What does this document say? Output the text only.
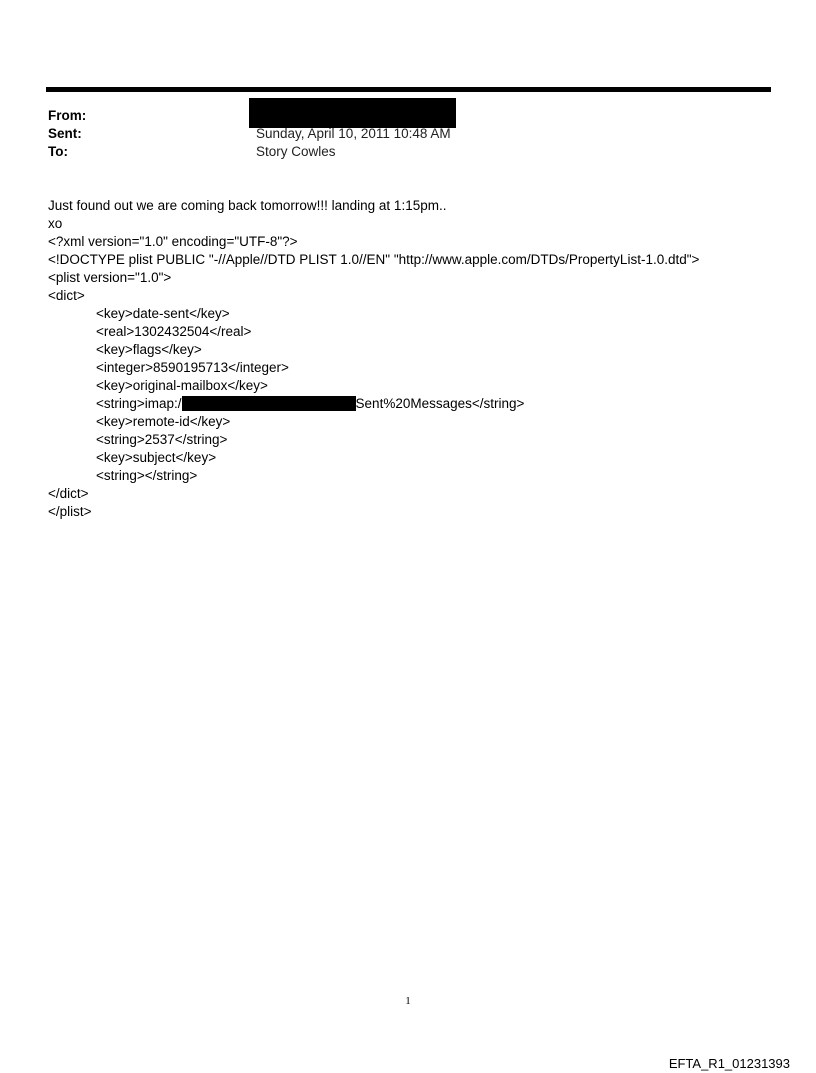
From:
Sent:	Sunday, April 10, 2011 10:48 AM
To:	Story Cowles
Just found out we are coming back tomorrow!!! landing at 1:15pm..
xo
<?xml version="1.0" encoding="UTF-8"?>
<!DOCTYPE plist PUBLIC "-//Apple//DTD PLIST 1.0//EN" "http://www.apple.com/DTDs/PropertyList-1.0.dtd">
<plist version="1.0">
<dict>
<key>date-sent</key>
<real>1302432504</real>
<key>flags</key>
<integer>8590195713</integer>
<key>original-mailbox</key>
<string>imap:/	Sent%20Messages</string>
<key>remote-id</key>
<string>2537</string>
<key>subject</key>
<string></string>
</dict>
</plist>
1
EFTA_R1_01231393
